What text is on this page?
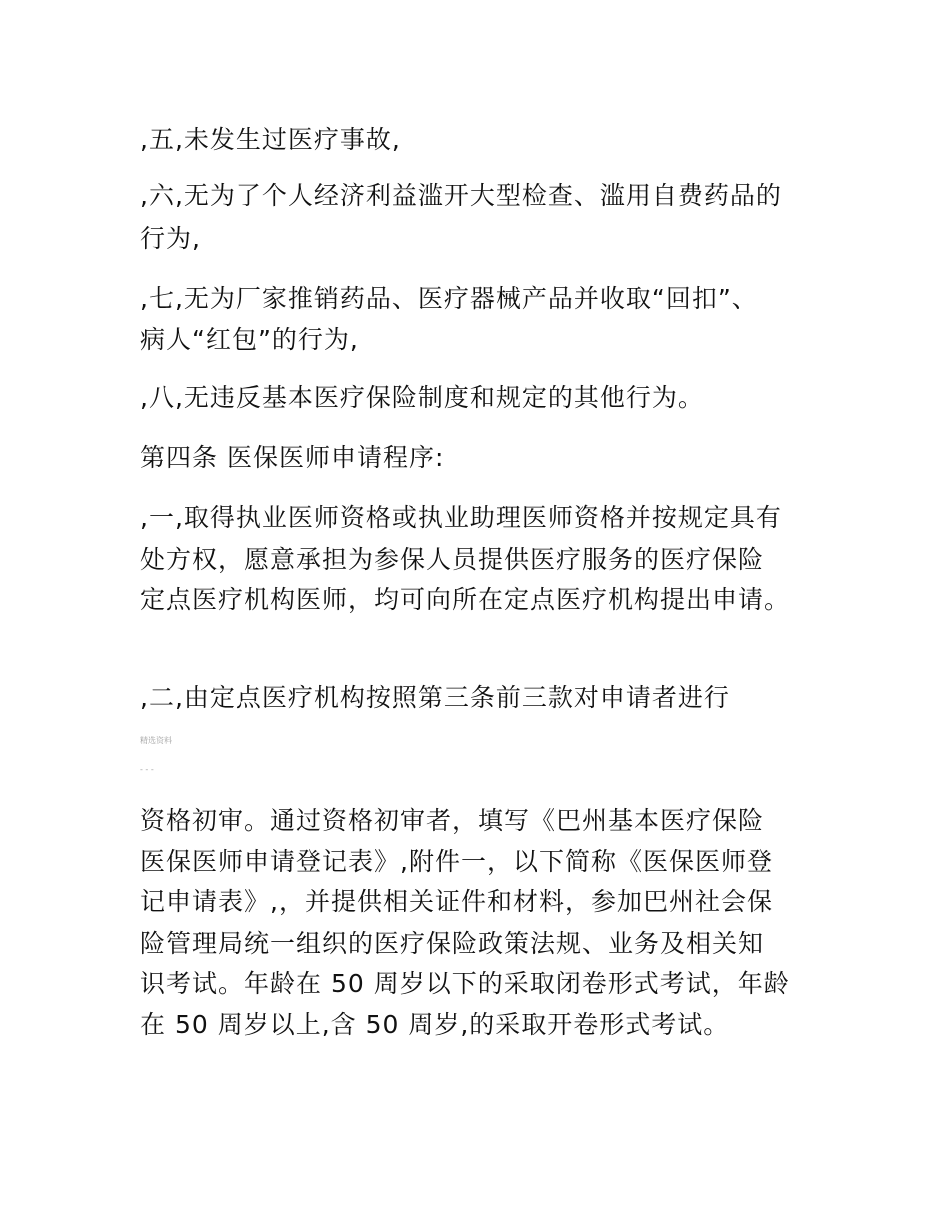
,五,未发生过医疗事故,
,六,无为了个人经济利益滥开大型检查、滥用自费药品的
行为,
,七,无为厂家推销药品、医疗器械产品并收取“回扣”、
病人“红包”的行为,
,八,无违反基本医疗保险制度和规定的其他行为。
第四条 医保医师申请程序:
,一,取得执业医师资格或执业助理医师资格并按规定具有
处方权，愿意承担为参保人员提供医疗服务的医疗保险
定点医疗机构医师，均可向所在定点医疗机构提出申请。
,二,由定点医疗机构按照第三条前三款对申请者进行
精选资料
- - -
资格初审。通过资格初审者，填写《巴州基本医疗保险
医保医师申请登记表》,附件一，以下简称《医保医师登
记申请表》,，并提供相关证件和材料，参加巴州社会保
险管理局统一组织的医疗保险政策法规、业务及相关知
识考试。年龄在 50 周岁以下的采取闭卷形式考试，年龄
在 50 周岁以上,含 50 周岁,的采取开卷形式考试。
